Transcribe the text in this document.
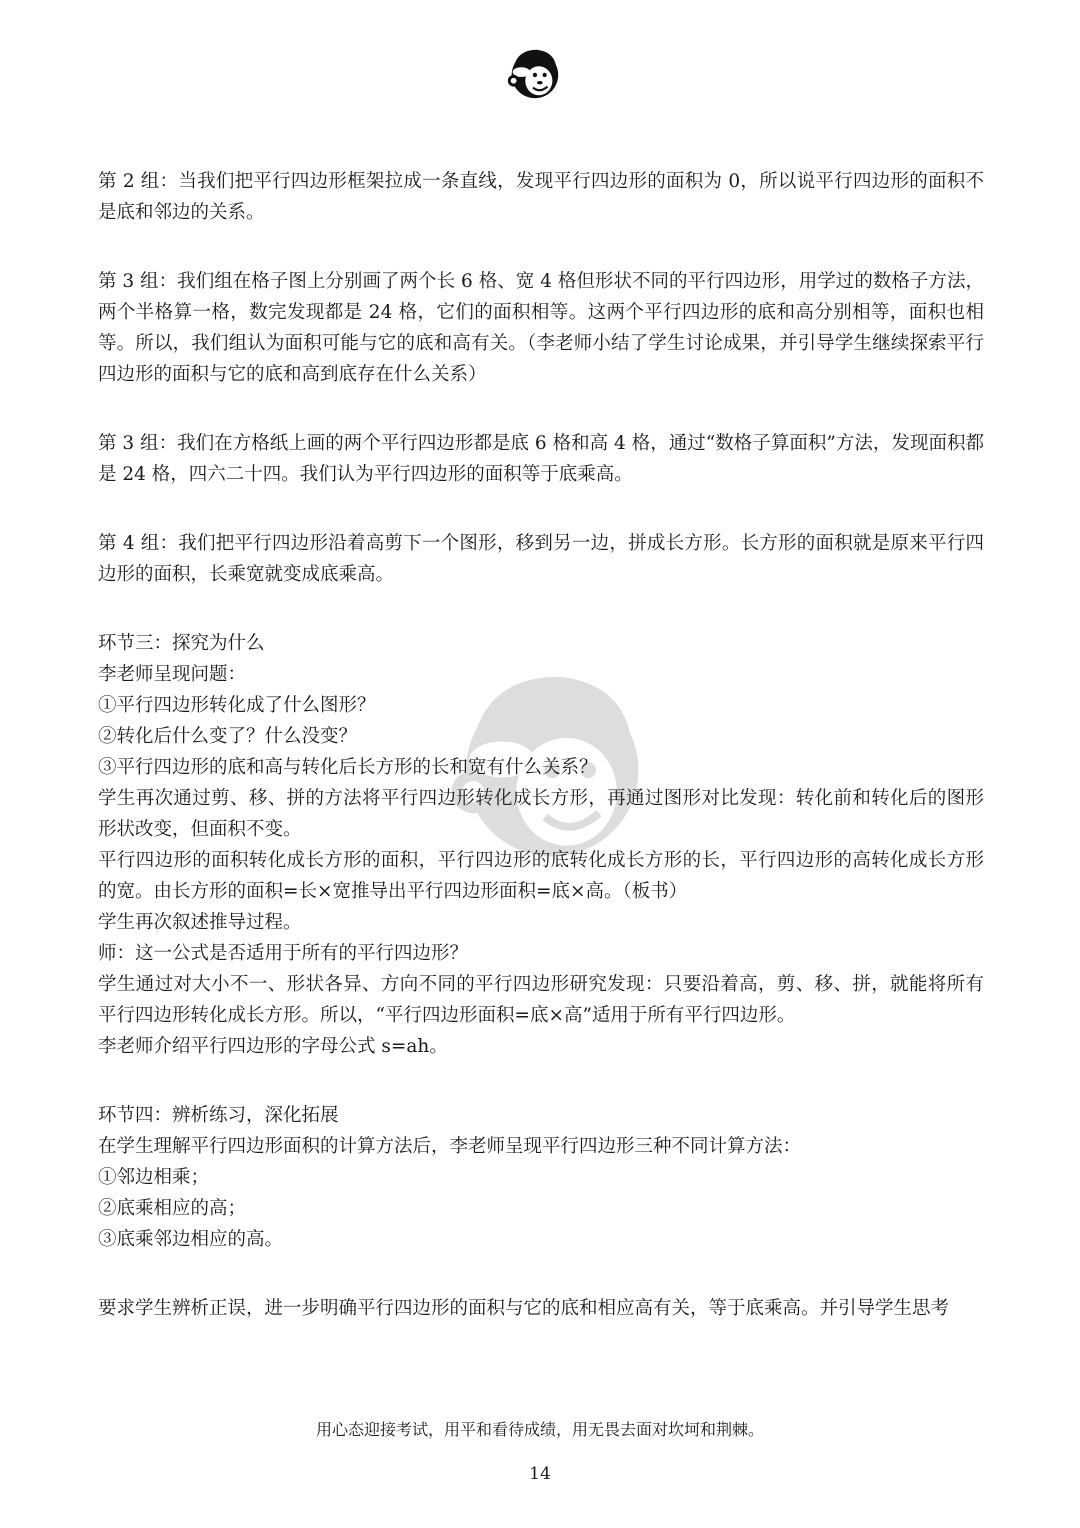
第 2 组：当我们把平行四边形框架拉成一条直线，发现平行四边形的面积为 0，所以说平行四边形的面积不是底和邻边的关系。

第 3 组：我们组在格子图上分别画了两个长 6 格、宽 4 格但形状不同的平行四边形，用学过的数格子方法，两个半格算一格，数完发现都是 24 格，它们的面积相等。这两个平行四边形的底和高分别相等，面积也相等。所以，我们组认为面积可能与它的底和高有关。（李老师小结了学生讨论成果，并引导学生继续探索平行四边形的面积与它的底和高到底存在什么关系）

第 3 组：我们在方格纸上画的两个平行四边形都是底 6 格和高 4 格，通过“数格子算面积”方法，发现面积都是 24 格，四六二十四。我们认为平行四边形的面积等于底乘高。

第 4 组：我们把平行四边形沿着高剪下一个图形，移到另一边，拼成长方形。长方形的面积就是原来平行四边形的面积，长乘宽就变成底乘高。

环节三：探究为什么

李老师呈现问题：

①平行四边形转化成了什么图形？

②转化后什么变了？什么没变？

③平行四边形的底和高与转化后长方形的长和宽有什么关系？

学生再次通过剪、移、拼的方法将平行四边形转化成长方形，再通过图形对比发现：转化前和转化后的图形形状改变，但面积不变。

平行四边形的面积转化成长方形的面积，平行四边形的底转化成长方形的长，平行四边形的高转化成长方形的宽。由长方形的面积=长×宽推导出平行四边形面积=底×高。（板书）

学生再次叙述推导过程。

师：这一公式是否适用于所有的平行四边形？

学生通过对大小不一、形状各异、方向不同的平行四边形研究发现：只要沿着高，剪、移、拼，就能将所有平行四边形转化成长方形。所以，“平行四边形面积=底×高”适用于所有平行四边形。

李老师介绍平行四边形的字母公式 s=ah。

环节四：辨析练习，深化拓展

在学生理解平行四边形面积的计算方法后，李老师呈现平行四边形三种不同计算方法：

①邻边相乘；

②底乘相应的高；

③底乘邻边相应的高。

要求学生辨析正误，进一步明确平行四边形的面积与它的底和相应高有关，等于底乘高。并引导学生思考

用心态迎接考试，用平和看待成绩，用无畏去面对坎坷和荆棘。
14
